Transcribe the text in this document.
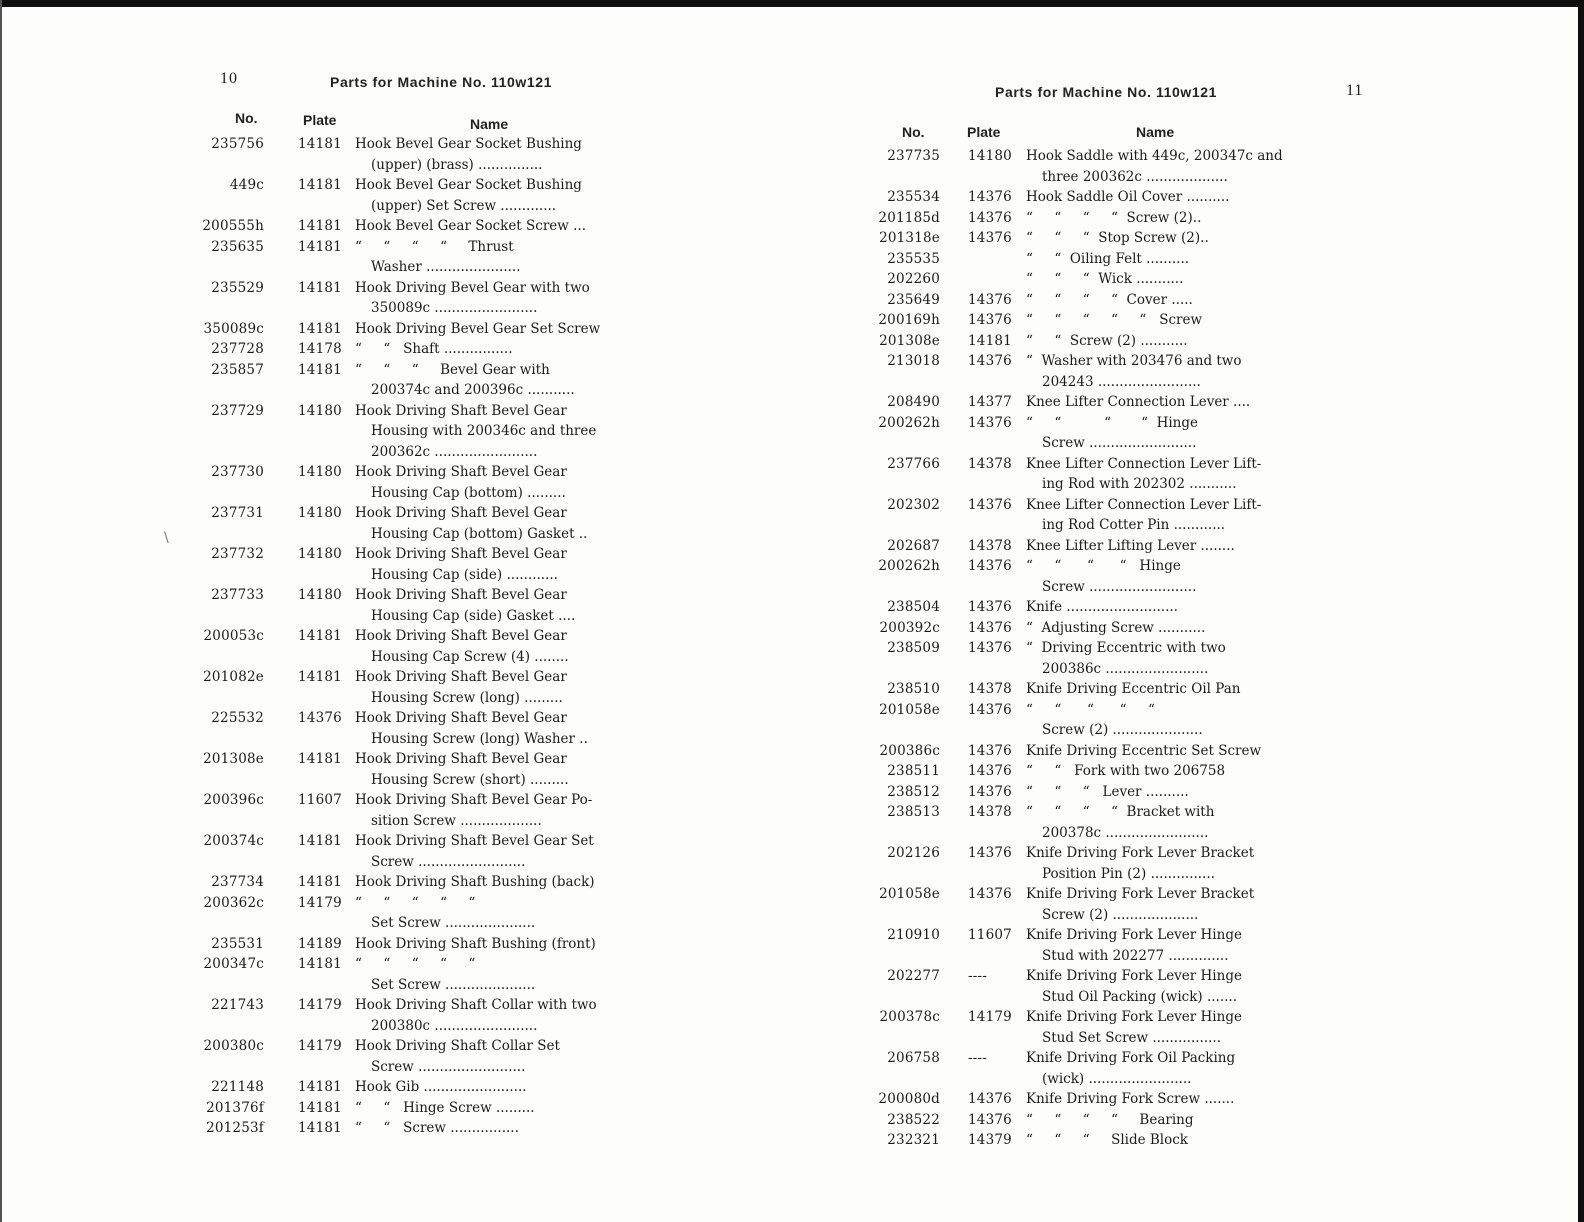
10	Parts for Machine No. 110w121
No.	Plate	Name
235756	14181 Hook Bevel Gear Socket Bushing
(upper) (brass) ...............
449c	14181 Hook Bevel Gear Socket Bushing
(upper) Set Screw .............
200555h	14181 Hook Bevel Gear Socket Screw ...
235635	14181 “     “     “     “     Thrust
Washer ......................
235529	14181 Hook Driving Bevel Gear with two
350089c ........................
350089c	14181 Hook Driving Bevel Gear Set Screw
237728	14178 “     “   Shaft ................
235857	14181 “     “     “     Bevel Gear with
200374c and 200396c ...........
237729	14180 Hook Driving Shaft Bevel Gear
Housing with 200346c and three
200362c ........................
237730	14180 Hook Driving Shaft Bevel Gear
Housing Cap (bottom) .........
237731	14180 Hook Driving Shaft Bevel Gear
Housing Cap (bottom) Gasket ..
237732	14180 Hook Driving Shaft Bevel Gear
Housing Cap (side) ............
237733	14180 Hook Driving Shaft Bevel Gear
Housing Cap (side) Gasket ....
200053c	14181 Hook Driving Shaft Bevel Gear
Housing Cap Screw (4) ........
201082e	14181 Hook Driving Shaft Bevel Gear
Housing Screw (long) .........
225532	14376 Hook Driving Shaft Bevel Gear
Housing Screw (long) Washer ..
201308e	14181 Hook Driving Shaft Bevel Gear
Housing Screw (short) .........
200396c	11607 Hook Driving Shaft Bevel Gear Po-
sition Screw ...................
200374c	14181 Hook Driving Shaft Bevel Gear Set
Screw .........................
237734	14181 Hook Driving Shaft Bushing (back)
200362c	14179 “     “     “     “     “
Set Screw .....................
235531	14189 Hook Driving Shaft Bushing (front)
200347c	14181 “     “     “     “     “
Set Screw .....................
221743	14179 Hook Driving Shaft Collar with two
200380c ........................
200380c	14179 Hook Driving Shaft Collar Set
Screw .........................
221148	14181 Hook Gib ........................
201376f	14181 “     “   Hinge Screw .........
201253f	14181 “     “   Screw ................
\
Parts for Machine No. 110w121	11
No.	Plate	Name
237735 14180 Hook Saddle with 449c, 200347c and
three 200362c ...................
235534 14376 Hook Saddle Oil Cover ..........
201185d 14376 “     “     “     “  Screw (2)..
201318e 14376 “     “     “  Stop Screw (2)..
235535	“     “  Oiling Felt ..........
202260	“     “     “  Wick ...........
235649 14376 “     “     “     “  Cover .....
200169h 14376 “     “     “     “     “   Screw
201308e 14181 “     “  Screw (2) ...........
213018 14376 “  Washer with 203476 and two
204243 ........................
208490 14377 Knee Lifter Connection Lever ....
200262h 14376 “     “          “       “  Hinge
Screw .........................
237766 14378 Knee Lifter Connection Lever Lift-
ing Rod with 202302 ...........
202302 14376 Knee Lifter Connection Lever Lift-
ing Rod Cotter Pin ............
202687 14378 Knee Lifter Lifting Lever ........
200262h 14376 “     “      “      “   Hinge
Screw .........................
238504 14376 Knife ..........................
200392c 14376 “  Adjusting Screw ...........
238509 14376 “  Driving Eccentric with two
200386c ........................
238510 14378 Knife Driving Eccentric Oil Pan
201058e 14376 “     “      “      “     “
Screw (2) .....................
200386c 14376 Knife Driving Eccentric Set Screw
238511 14376 “     “   Fork with two 206758
238512 14376 “     “     “   Lever ..........
238513 14378 “     “     “     “  Bracket with
200378c ........................
202126 14376 Knife Driving Fork Lever Bracket
Position Pin (2) ...............
201058e 14376 Knife Driving Fork Lever Bracket
Screw (2) ....................
210910 11607 Knife Driving Fork Lever Hinge
Stud with 202277 ..............
202277 ----	Knife Driving Fork Lever Hinge
Stud Oil Packing (wick) .......
200378c 14179 Knife Driving Fork Lever Hinge
Stud Set Screw ................
206758 ----	Knife Driving Fork Oil Packing
(wick) ........................
200080d 14376 Knife Driving Fork Screw .......
238522 14376 “     “     “     “     Bearing
232321 14379 “     “     “     Slide Block
